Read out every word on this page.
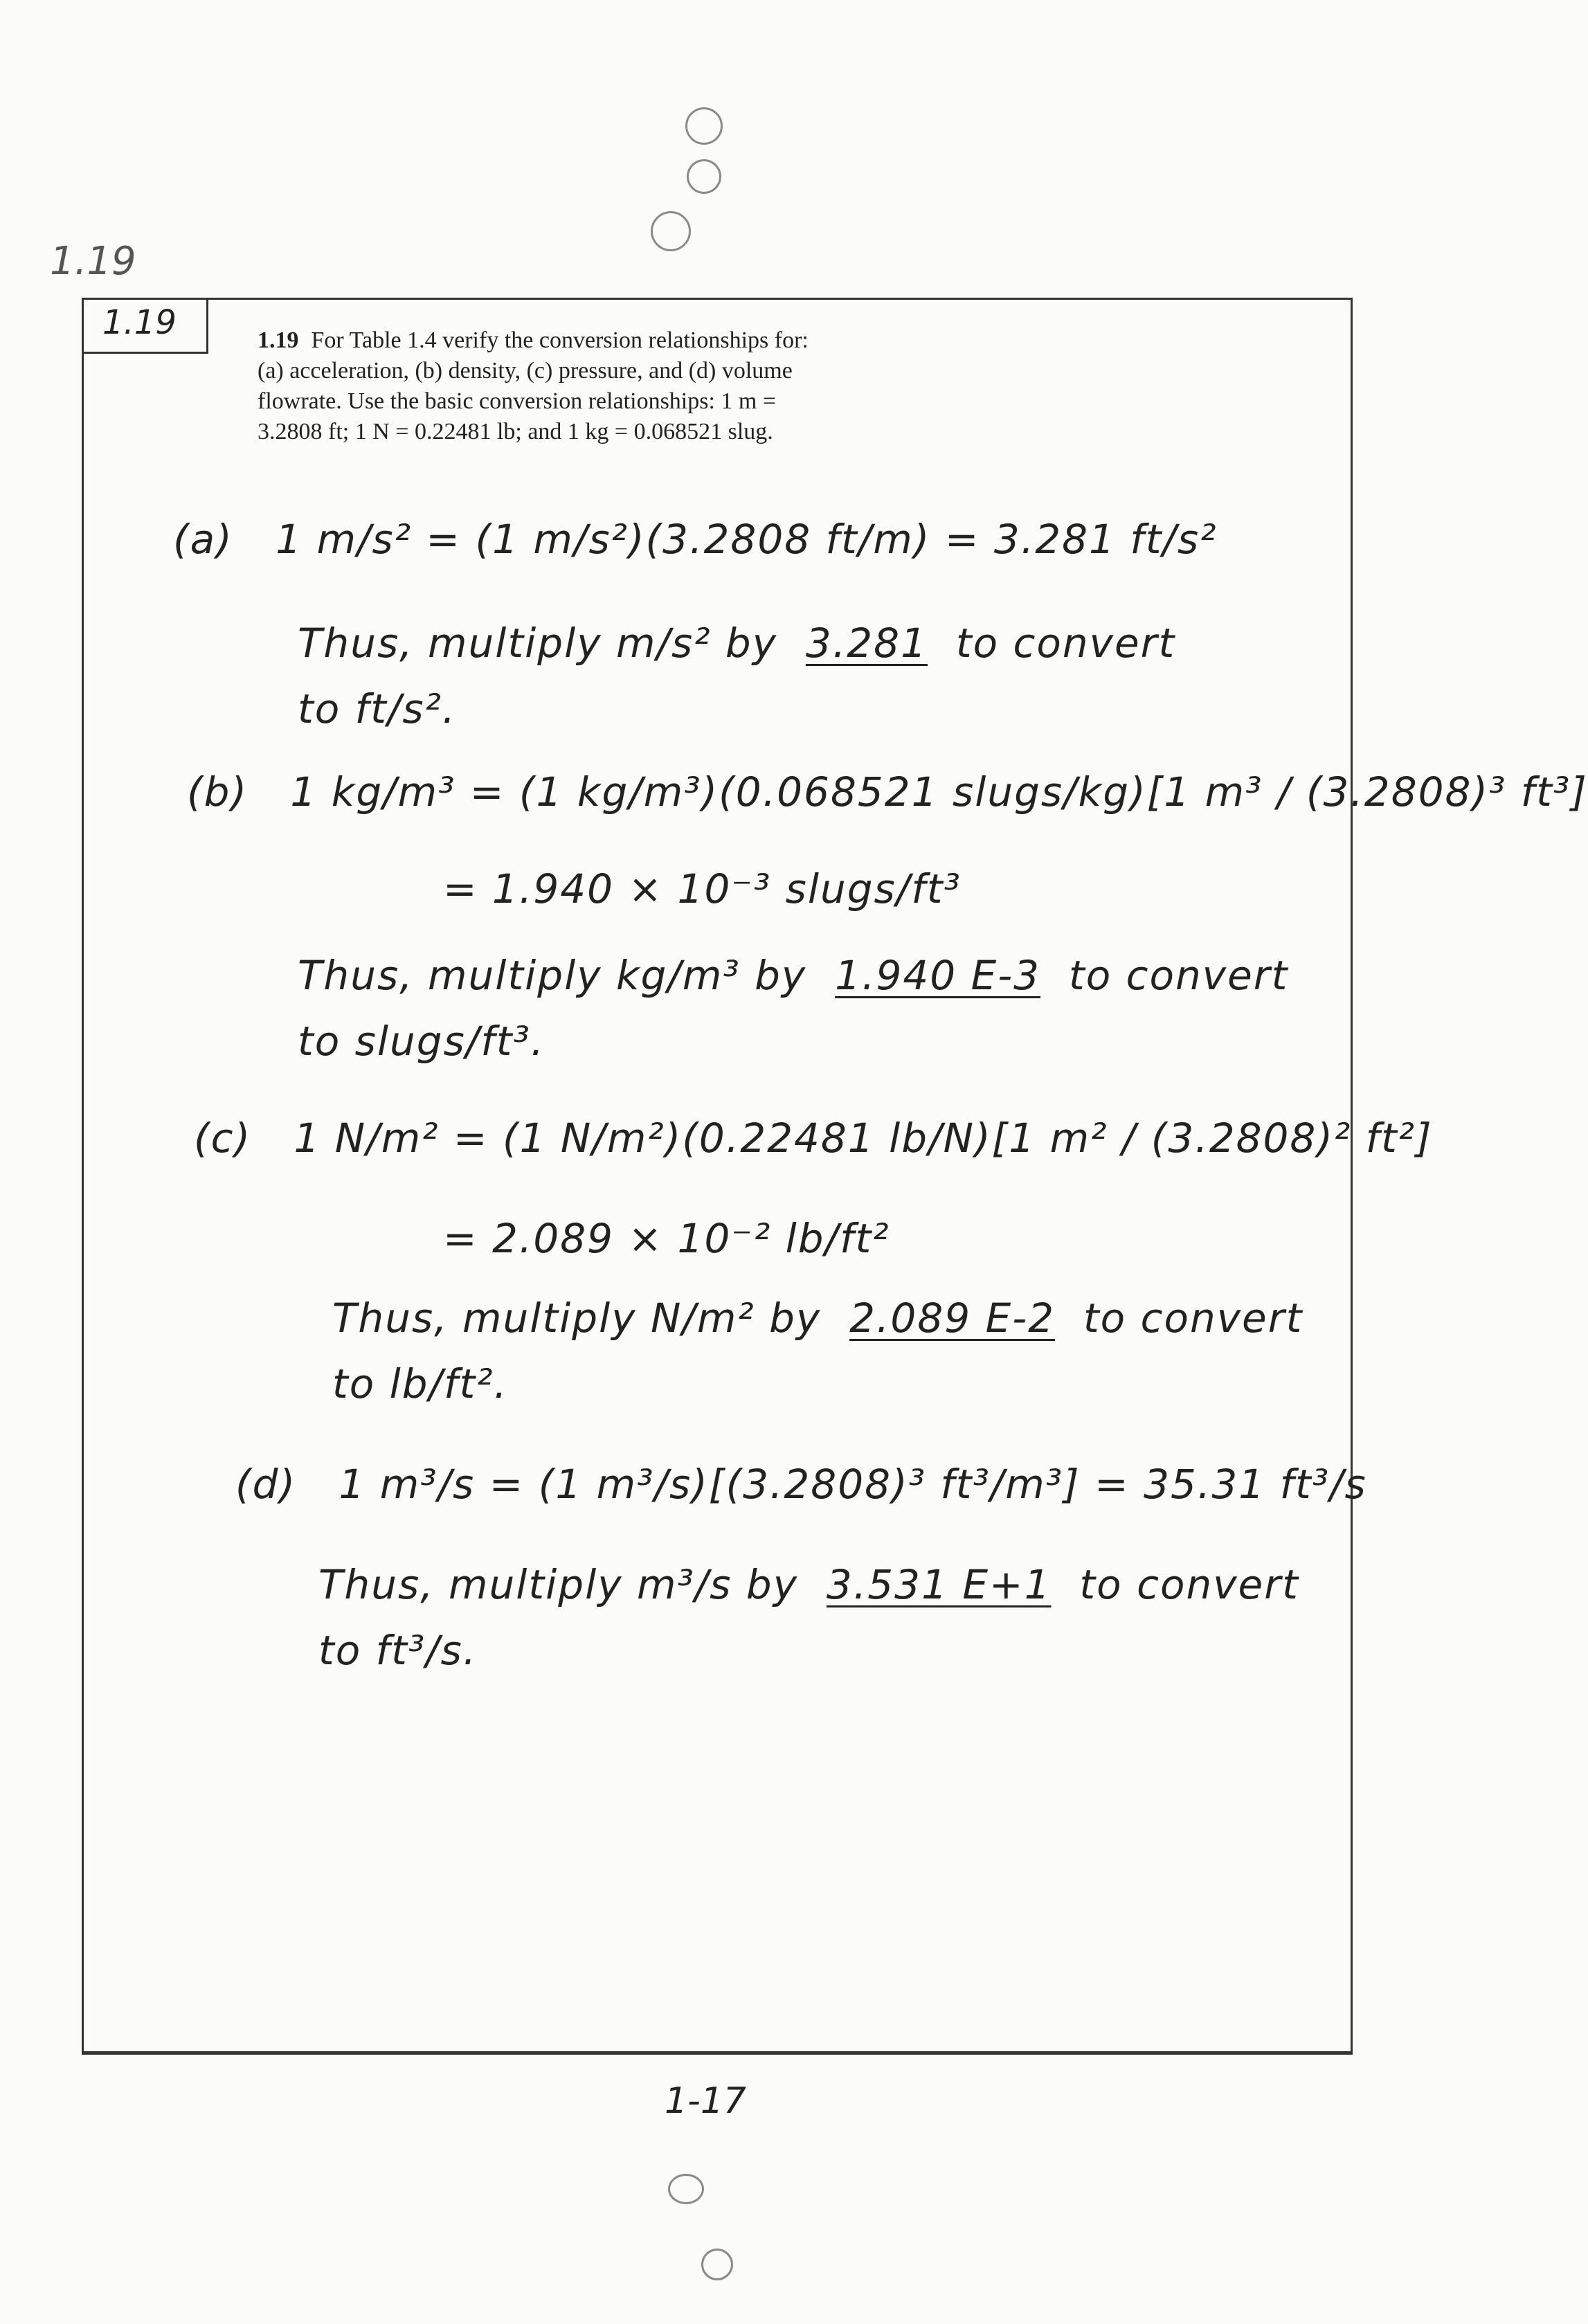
1.19
1.19	1.19 For Table 1.4 verify the conversion relationships for: (a) acceleration, (b) density, (c) pressure, and (d) volume flowrate. Use the basic conversion relationships: 1 m = 3.2808 ft; 1 N = 0.22481 lb; and 1 kg = 0.068521 slug.
(a) 1 m/s² = (1 m/s²)(3.2808 ft/m) = 3.281 ft/s²
Thus, multiply m/s² by 3.281 to convert
to ft/s².
(b) 1 kg/m³ = (1 kg/m³)(0.068521 slugs/kg)[1 m³ / (3.2808)³ ft³]
= 1.940 × 10⁻³ slugs/ft³
Thus, multiply kg/m³ by 1.940 E-3 to convert
to slugs/ft³.
(c) 1 N/m² = (1 N/m²)(0.22481 lb/N)[1 m² / (3.2808)² ft²]
= 2.089 × 10⁻² lb/ft²
Thus, multiply N/m² by 2.089 E-2 to convert
to lb/ft².
(d) 1 m³/s = (1 m³/s)[(3.2808)³ ft³/m³] = 35.31 ft³/s
Thus, multiply m³/s by 3.531 E+1 to convert
to ft³/s.
1-17
